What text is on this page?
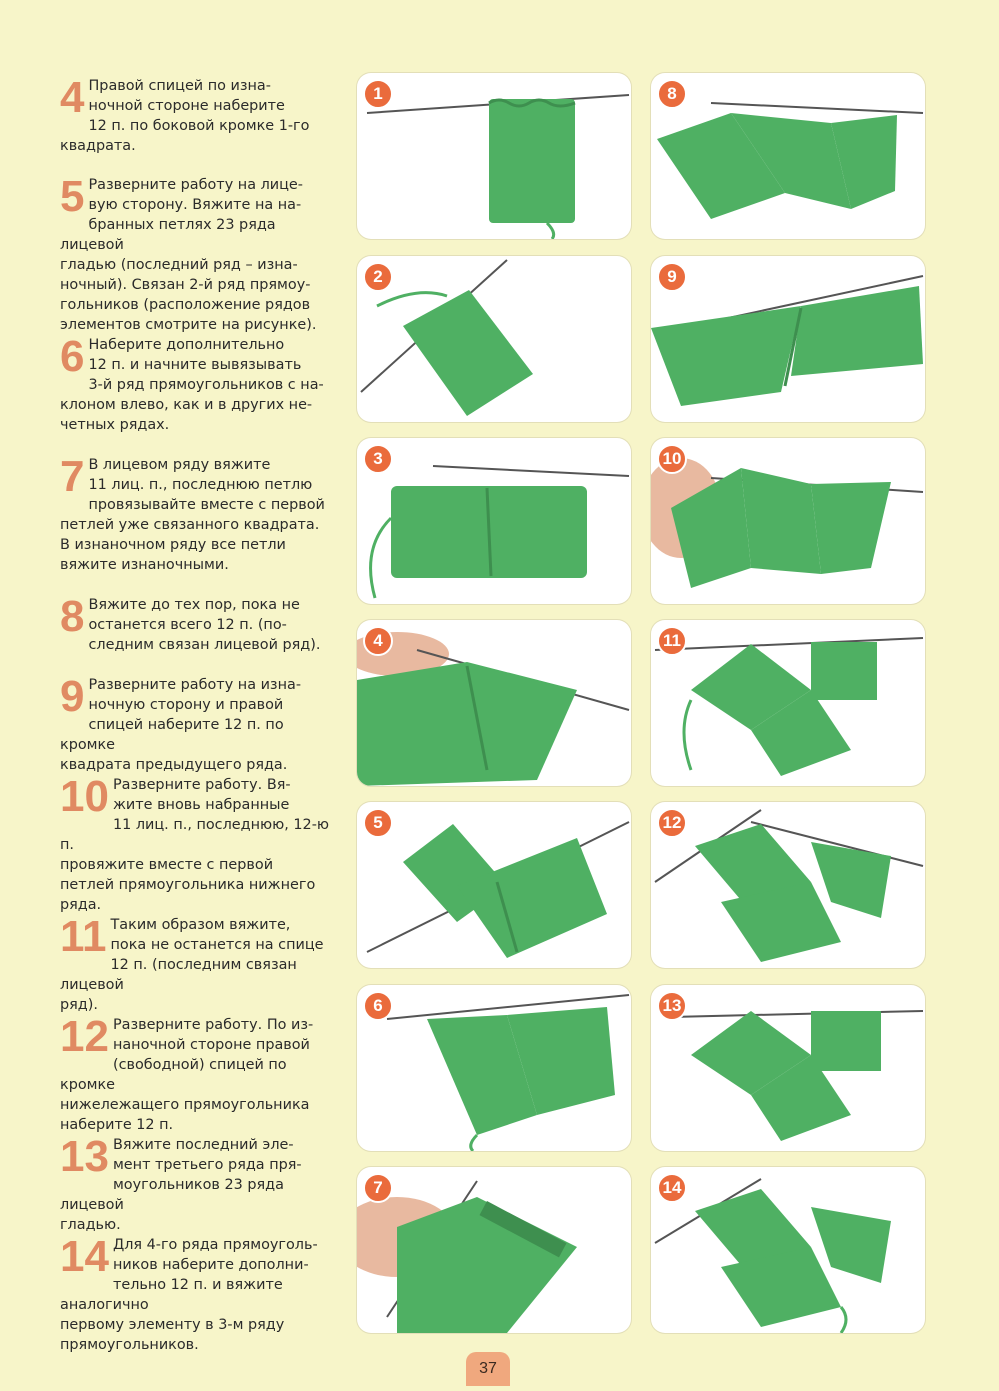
4 Правой спицей по изна-
ночной стороне наберите
12 п. по боковой кромке 1-го
квадрата.
5 Разверните работу на лице-
вую сторону. Вяжите на на-
бранных петлях 23 ряда лицевой
гладью (последний ряд – изна-
ночный). Связан 2-й ряд прямоу-
гольников (расположение рядов
элементов смотрите на рисунке).
6 Наберите дополнительно
12 п. и начните вывязывать
3-й ряд прямоугольников с на-
клоном влево, как и в других не-
четных рядах.
7 В лицевом ряду вяжите
11 лиц. п., последнюю петлю
провязывайте вместе с первой
петлей уже связанного квадрата.
В изнаночном ряду все петли
вяжите изнаночными.
8 Вяжите до тех пор, пока не
останется всего 12 п. (по-
следним связан лицевой ряд).
9 Разверните работу на изна-
ночную сторону и правой
спицей наберите 12 п. по кромке
квадрата предыдущего ряда.
10 Разверните работу. Вя-
жите вновь набранные
11 лиц. п., последнюю, 12-ю п.
провяжите вместе с первой
петлей прямоугольника нижнего
ряда.
11 Таким образом вяжите,
пока не останется на спице
12 п. (последним связан лицевой
ряд).
12 Разверните работу. По из-
наночной стороне правой
(свободной) спицей по кромке
нижележащего прямоугольника
наберите 12 п.
13 Вяжите последний эле-
мент третьего ряда пря-
моугольников 23 ряда лицевой
гладью.
14 Для 4-го ряда прямоуголь-
ников наберите дополни-
тельно 12 п. и вяжите аналогично
первому элементу в 3-м ряду
прямоугольников.
1
2
3
4
5
6
7
8
9
10
11
12
13
14
37
